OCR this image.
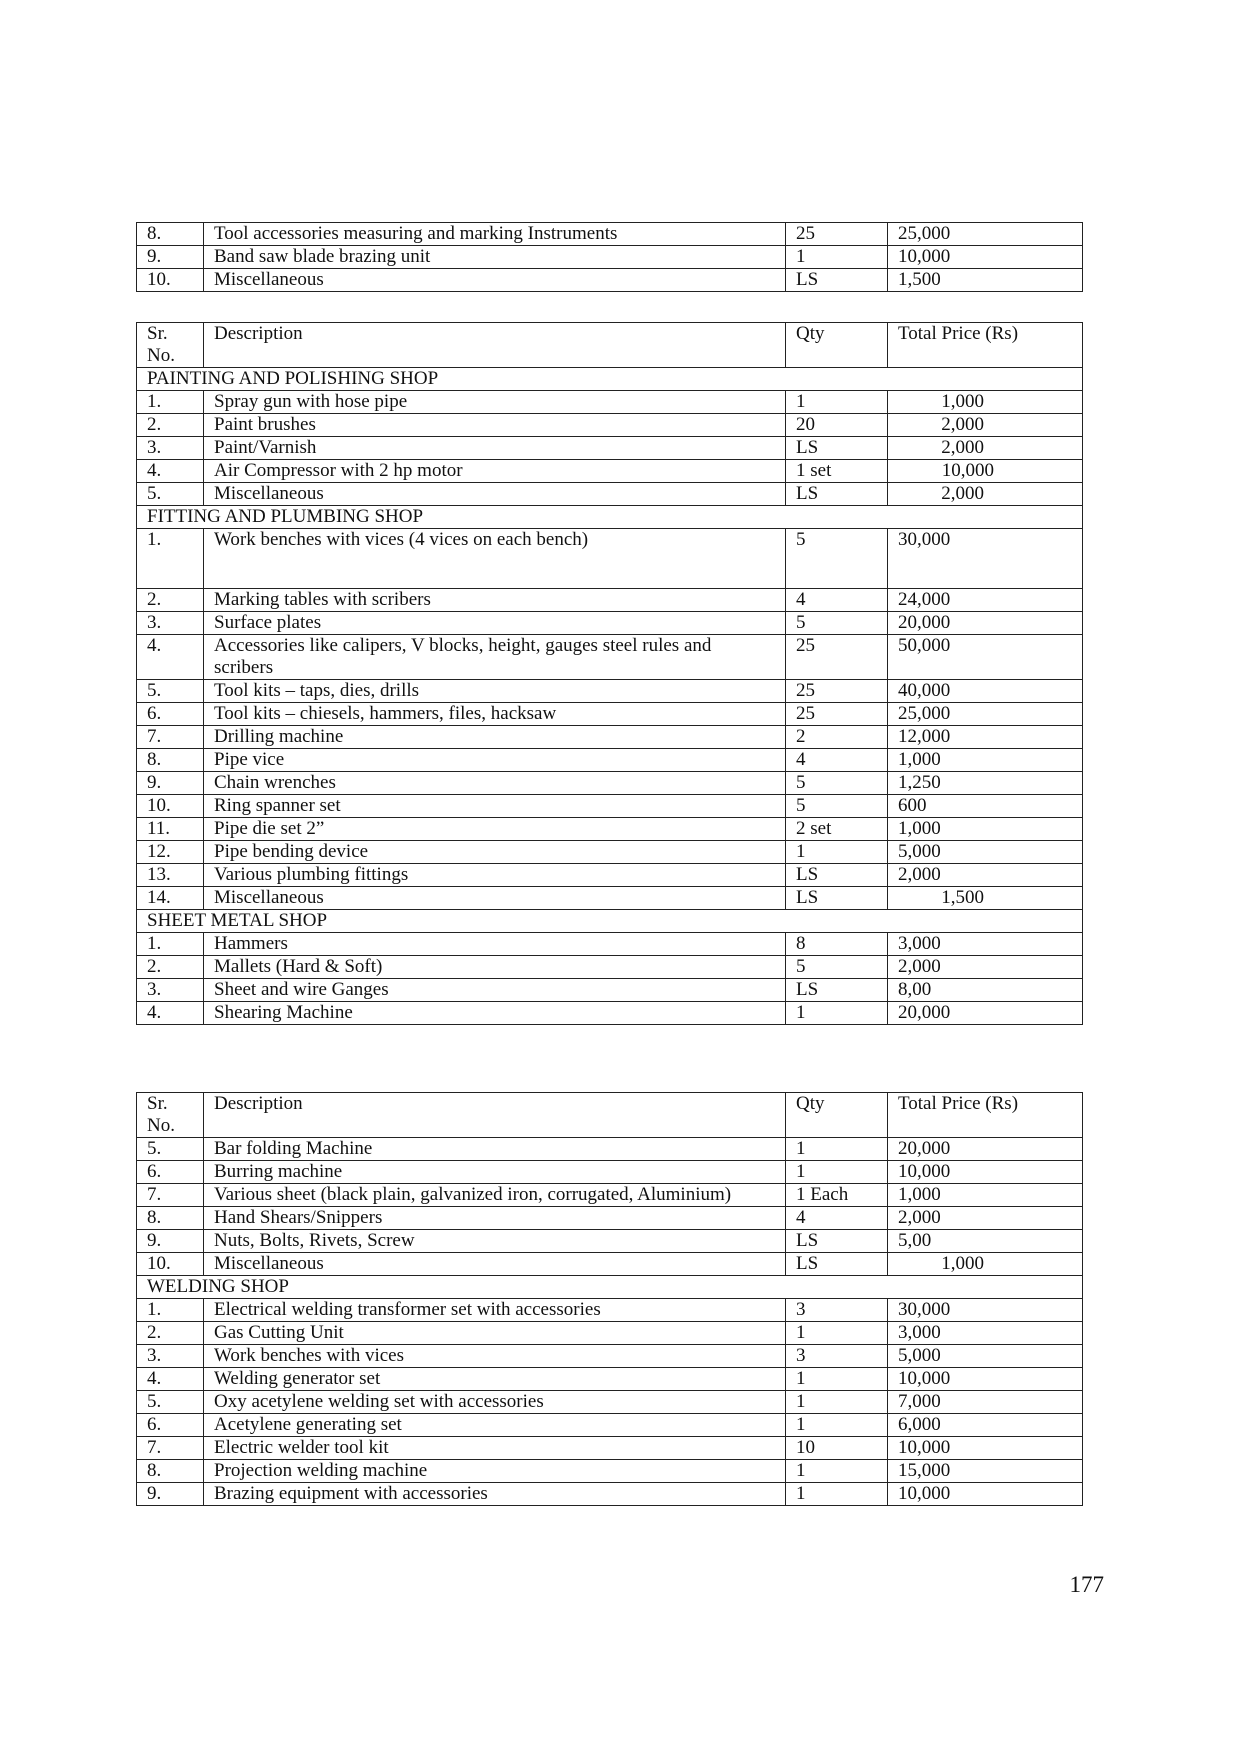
8.	Tool accessories measuring and marking Instruments	25	25,000
9.	Band saw blade brazing unit	1	10,000
10.	Miscellaneous	LS	1,500
Sr. No.	Description	Qty	Total Price (Rs)
PAINTING AND POLISHING SHOP			
1.	Spray gun with hose pipe	1	1,000
2.	Paint brushes	20	2,000
3.	Paint/Varnish	LS	2,000
4.	Air Compressor with 2 hp motor	1 set	10,000
5.	Miscellaneous	LS	2,000
FITTING AND PLUMBING SHOP			
1.	Work benches with vices (4 vices on each bench)	5	30,000
2.	Marking tables with scribers	4	24,000
3.	Surface plates	5	20,000
4.	Accessories like calipers, V blocks, height, gauges steel rules and scribers	25	50,000
5.	Tool kits – taps, dies, drills	25	40,000
6.	Tool kits – chiesels, hammers, files, hacksaw	25	25,000
7.	Drilling machine	2	12,000
8.	Pipe vice	4	1,000
9.	Chain wrenches	5	1,250
10.	Ring spanner set	5	600
11.	Pipe die set 2”	2 set	1,000
12.	Pipe bending device	1	5,000
13.	Various plumbing fittings	LS	2,000
14.	Miscellaneous	LS	1,500
SHEET METAL SHOP			
1.	Hammers	8	3,000
2.	Mallets (Hard & Soft)	5	2,000
3.	Sheet and wire Ganges	LS	8,00
4.	Shearing Machine	1	20,000
Sr. No.	Description	Qty	Total Price (Rs)
5.	Bar folding Machine	1	20,000
6.	Burring machine	1	10,000
7.	Various sheet (black plain, galvanized iron, corrugated, Aluminium)	1 Each	1,000
8.	Hand Shears/Snippers	4	2,000
9.	Nuts, Bolts, Rivets, Screw	LS	5,00
10.	Miscellaneous	LS	1,000
WELDING SHOP			
1.	Electrical welding transformer set with accessories	3	30,000
2.	Gas Cutting Unit	1	3,000
3.	Work benches with vices	3	5,000
4.	Welding generator set	1	10,000
5.	Oxy acetylene welding set with accessories	1	7,000
6.	Acetylene generating set	1	6,000
7.	Electric welder tool kit	10	10,000
8.	Projection welding machine	1	15,000
9.	Brazing equipment with accessories	1	10,000
177
